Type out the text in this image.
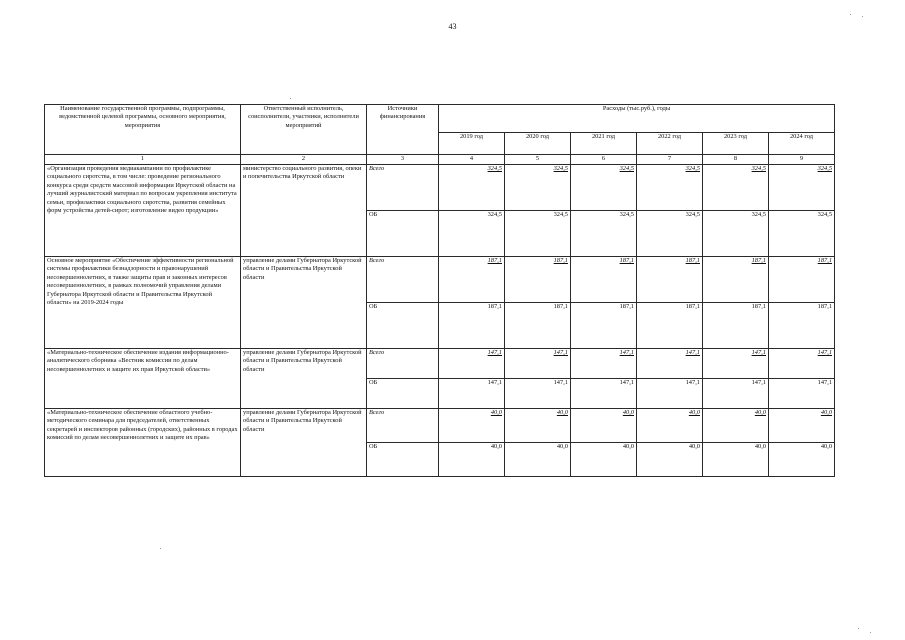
43
Наименование государственной программы, подпрограммы, ведомственной целевой программы, основного мероприятия, мероприятия	Ответственный исполнитель, соисполнители, участники, исполнители мероприятий	Источники финансирования	Расходы (тыс.руб.), годы					
			2019 год	2020 год	2021 год	2022 год	2023 год	2024 год
1	2	3	4	5	6	7	8	9
«Организация проведения медиакампании по профилактике социального сиротства, в том числе: проведение регионального конкурса среди средств массовой информации Иркутской области на лучший журналистский материал по вопросам укрепления института семьи, профилактики социального сиротства, развития семейных форм устройства детей-сирот; изготовление видео продукции»	министерство социального развития, опеки и попечительства Иркутской области	Всего	324,5	324,5	324,5	324,5	324,5	324,5
		ОБ	324,5	324,5	324,5	324,5	324,5	324,5
Основное мероприятие «Обеспечение эффективности региональной системы профилактики безнадзорности и правонарушений несовершеннолетних, в также защиты прав и законных интересов несовершеннолетних, в рамках полномочий управления делами Губернатора Иркутской области и Правительства Иркутской области» на 2019-2024 годы	управление делами Губернатора Иркутской области и Правительства Иркутской области	Всего	187,1	187,1	187,1	187,1	187,1	187,1
		ОБ	187,1	187,1	187,1	187,1	187,1	187,1
«Материально-техническое обеспечение издания информационно-аналитического сборника «Вестник комиссии по делам несовершеннолетних и защите их прав Иркутской области»	управление делами Губернатора Иркутской области и Правительства Иркутской области	Всего	147,1	147,1	147,1	147,1	147,1	147,1
		ОБ	147,1	147,1	147,1	147,1	147,1	147,1
«Материально-техническое обеспечение областного учебно-методического семинара для председателей, ответственных секретарей и инспекторов районных (городских), районных в городах комиссий по делам несовершеннолетних и защите их прав»	управление делами Губернатора Иркутской области и Правительства Иркутской области	Всего	40,0	40,0	40,0	40,0	40,0	40,0
		ОБ	40,0	40,0	40,0	40,0	40,0	40,0
